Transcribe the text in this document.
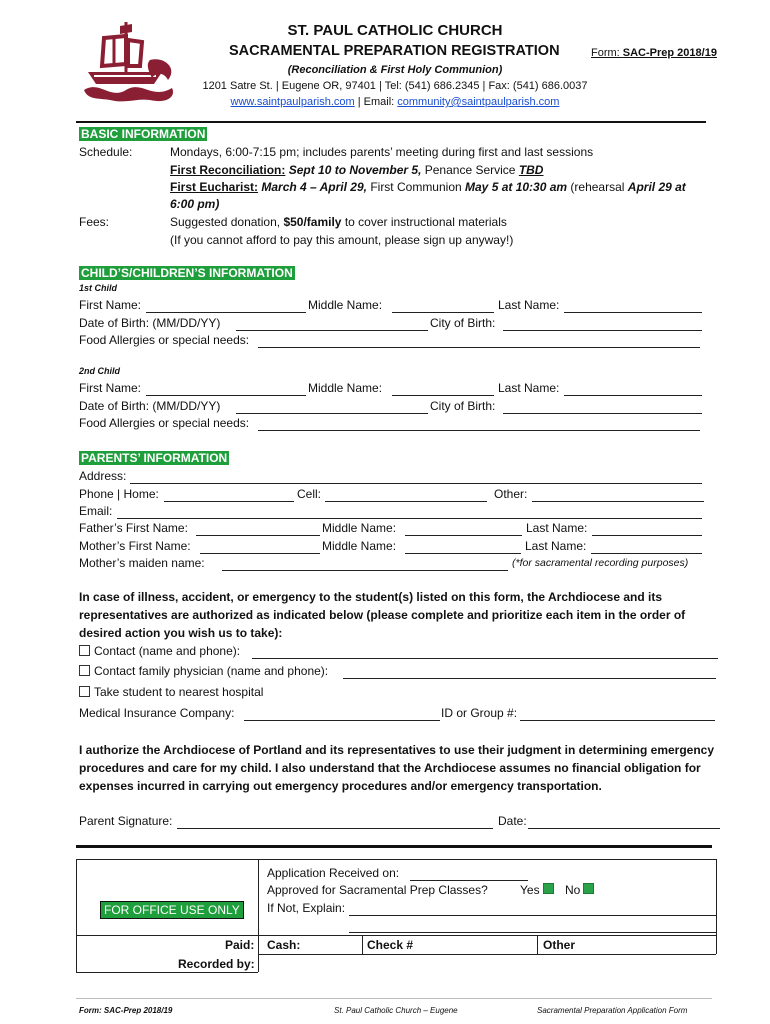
ST. PAUL CATHOLIC CHURCH
SACRAMENTAL PREPARATION REGISTRATION	Form: SAC-Prep 2018/19
(Reconciliation & First Holy Communion)
1201 Satre St. | Eugene OR, 97401 | Tel: (541) 686.2345 | Fax: (541) 686.0037
www.saintpaulparish.com | Email: community@saintpaulparish.com
BASIC INFORMATION
Schedule:	Mondays, 6:00-7:15 pm; includes parents’ meeting during first and last sessions
First Reconciliation: Sept 10 to November 5, Penance Service TBD
First Eucharist: March 4 – April 29, First Communion May 5 at 10:30 am (rehearsal April 29 at
6:00 pm)
Fees:	Suggested donation, $50/family to cover instructional materials
(If you cannot afford to pay this amount, please sign up anyway!)
CHILD’S/CHILDREN’S INFORMATION
1st Child
First Name:	Middle Name:	Last Name:
Date of Birth: (MM/DD/YY)	City of Birth:
Food Allergies or special needs:
2nd Child
First Name:	Middle Name:	Last Name:
Date of Birth: (MM/DD/YY)	City of Birth:
Food Allergies or special needs:
PARENTS’ INFORMATION
Address:
Phone | Home:	Cell:	Other:
Email:
Father’s First Name:	Middle Name:	Last Name:
Mother’s First Name:	Middle Name:	Last Name:
Mother’s maiden name:	(*for sacramental recording purposes)
In case of illness, accident, or emergency to the student(s) listed on this form, the Archdiocese and its
representatives are authorized as indicated below (please complete and prioritize each item in the order of
desired action you wish us to take):
Contact (name and phone):
Contact family physician (name and phone):
Take student to nearest hospital
Medical Insurance Company:	ID or Group #:
I authorize the Archdiocese of Portland and its representatives to use their judgment in determining emergency
procedures and care for my child. I also understand that the Archdiocese assumes no financial obligation for
expenses incurred in carrying out emergency procedures and/or emergency transportation.
Parent Signature:	Date:
FOR OFFICE USE ONLY
Application Received on:
Approved for Sacramental Prep Classes?	Yes	No
If Not, Explain:
Paid: Cash:	Check #	Other
Recorded by:
Form: SAC-Prep 2018/19	St. Paul Catholic Church – Eugene	Sacramental Preparation Application Form
